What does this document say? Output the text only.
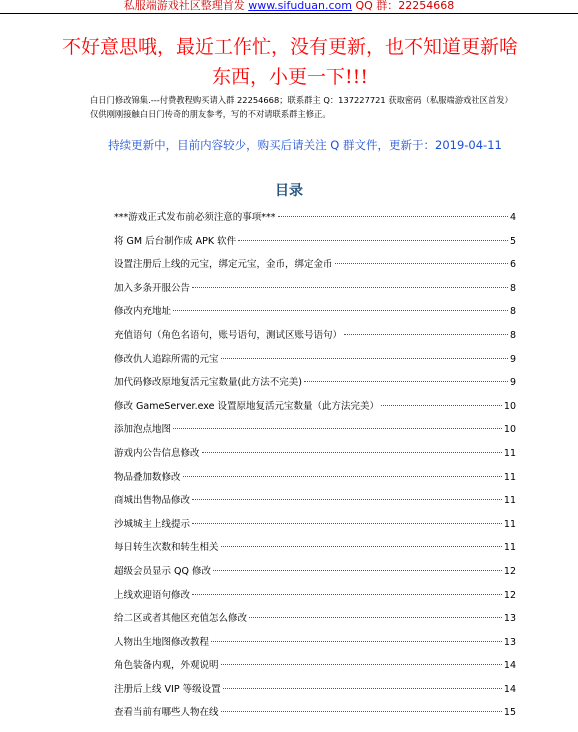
私服端游戏社区整理首发 www.sifuduan.com QQ 群：22254668
不好意思哦，最近工作忙，没有更新，也不知道更新啥东西，小更一下!!!
白日门修改锦集.---付费教程购买请入群 22254668；联系群主 Q：137227721 获取密码（私服端游戏社区首发）仅供刚刚接触白日门传奇的朋友参考，写的不对请联系群主修正。
持续更新中，目前内容较少，购买后请关注 Q 群文件，更新于：2019-04-11
目录
***游戏正式发布前必须注意的事项***	4
将 GM 后台制作成 APK 软件	5
设置注册后上线的元宝，绑定元宝，金币，绑定金币	6
加入多条开服公告	8
修改内充地址	8
充值语句（角色名语句，账号语句，测试区账号语句）	8
修改仇人追踪所需的元宝	9
加代码修改原地复活元宝数量(此方法不完美)	9
修改 GameServer.exe 设置原地复活元宝数量（此方法完美）	10
添加泡点地图	10
游戏内公告信息修改	11
物品叠加数修改	11
商城出售物品修改	11
沙城城主上线提示	11
每日转生次数和转生相关	11
超级会员显示 QQ 修改	12
上线欢迎语句修改	12
给二区或者其他区充值怎么修改	13
人物出生地图修改教程	13
角色装备内观，外观说明	14
注册后上线 VIP 等级设置	14
查看当前有哪些人物在线	15
